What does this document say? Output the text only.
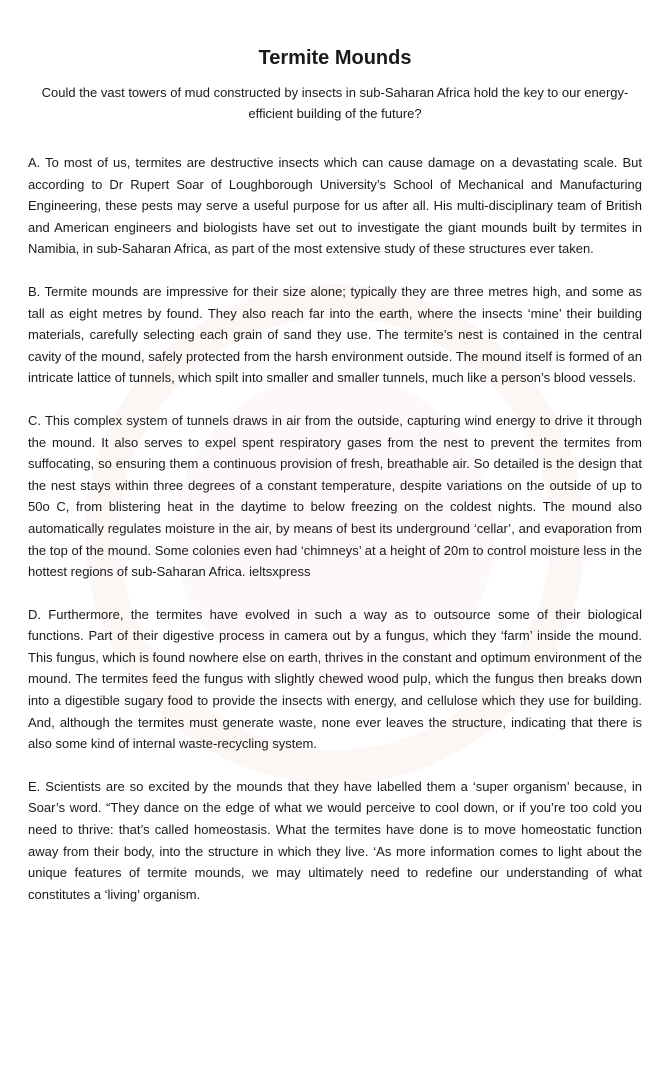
Termite Mounds

Could the vast towers of mud constructed by insects in sub-Saharan Africa hold the key to our energy-efficient building of the future?

A. To most of us, termites are destructive insects which can cause damage on a devastating scale. But according to Dr Rupert Soar of Loughborough University’s School of Mechanical and Manufacturing Engineering, these pests may serve a useful purpose for us after all. His multi-disciplinary team of British and American engineers and biologists have set out to investigate the giant mounds built by termites in Namibia, in sub-Saharan Africa, as part of the most extensive study of these structures ever taken.

B. Termite mounds are impressive for their size alone; typically they are three metres high, and some as tall as eight metres by found. They also reach far into the earth, where the insects ‘mine’ their building materials, carefully selecting each grain of sand they use. The termite’s nest is contained in the central cavity of the mound, safely protected from the harsh environment outside. The mound itself is formed of an intricate lattice of tunnels, which spilt into smaller and smaller tunnels, much like a person’s blood vessels.

C. This complex system of tunnels draws in air from the outside, capturing wind energy to drive it through the mound. It also serves to expel spent respiratory gases from the nest to prevent the termites from suffocating, so ensuring them a continuous provision of fresh, breathable air. So detailed is the design that the nest stays within three degrees of a constant temperature, despite variations on the outside of up to 50o C, from blistering heat in the daytime to below freezing on the coldest nights. The mound also automatically regulates moisture in the air, by means of best its underground ‘cellar’, and evaporation from the top of the mound. Some colonies even had ‘chimneys’ at a height of 20m to control moisture less in the hottest regions of sub-Saharan Africa. ieltsxpress

D. Furthermore, the termites have evolved in such a way as to outsource some of their biological functions. Part of their digestive process in camera out by a fungus, which they ‘farm’ inside the mound. This fungus, which is found nowhere else on earth, thrives in the constant and optimum environment of the mound. The termites feed the fungus with slightly chewed wood pulp, which the fungus then breaks down into a digestible sugary food to provide the insects with energy, and cellulose which they use for building. And, although the termites must generate waste, none ever leaves the structure, indicating that there is also some kind of internal waste-recycling system.

E. Scientists are so excited by the mounds that they have labelled them a ‘super organism’ because, in Soar’s word. “They dance on the edge of what we would perceive to cool down, or if you’re too cold you need to thrive: that’s called homeostasis. What the termites have done is to move homeostatic function away from their body, into the structure in which they live. ‘As more information comes to light about the unique features of termite mounds, we may ultimately need to redefine our understanding of what constitutes a ‘living’ organism.
